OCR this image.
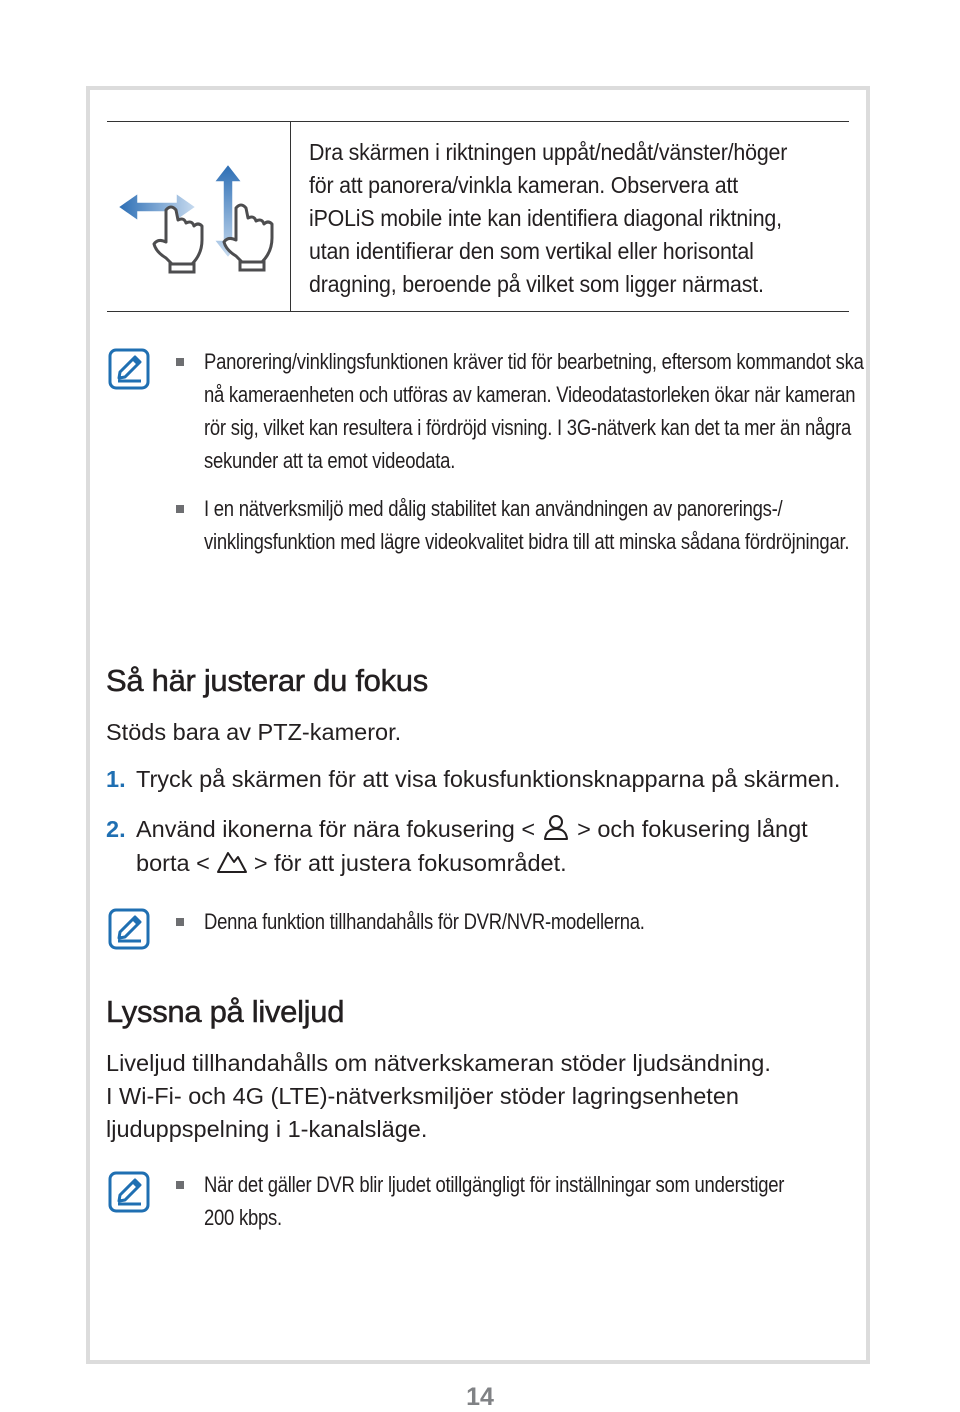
Dra skärmen i riktningen uppåt/nedåt/vänster/höger för att panorera/vinkla kameran. Observera att iPOLiS mobile inte kan identifiera diagonal riktning, utan identifierar den som vertikal eller horisontal dragning, beroende på vilket som ligger närmast.
Panorering/vinklingsfunktionen kräver tid för bearbetning, eftersom kommandot ska nå kameraenheten och utföras av kameran. Videodatastorleken ökar när kameran rör sig, vilket kan resultera i fördröjd visning. I 3G-nätverk kan det ta mer än några sekunder att ta emot videodata.
I en nätverksmiljö med dålig stabilitet kan användningen av panorerings-/ vinklingsfunktion med lägre videokvalitet bidra till att minska sådana fördröjningar.
Så här justerar du fokus

Stöds bara av PTZ-kameror.

1. Tryck på skärmen för att visa fokusfunktionsknapparna på skärmen.
2. Använd ikonerna för nära fokusering < > och fokusering långt borta < > för att justera fokusområdet.
Denna funktion tillhandahålls för DVR/NVR-modellerna.
Lyssna på liveljud

Liveljud tillhandahålls om nätverkskameran stöder ljudsändning.

I Wi-Fi- och 4G (LTE)-nätverksmiljöer stöder lagringsenheten

ljuduppspelning i 1-kanalsläge.

När det gäller DVR blir ljudet otillgängligt för inställningar som understiger 200 kbps.
14
